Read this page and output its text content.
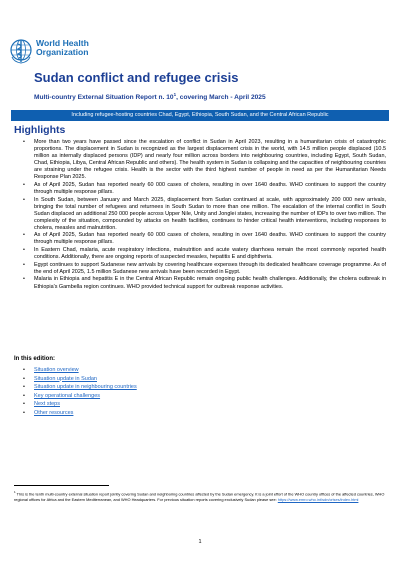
World Health
Organization
Sudan conflict and refugee crisis
Multi-country External Situation Report n. $10^1$, covering March - April 2025
Including refugee-hosting countries Chad, Egypt, Ethiopia, South Sudan, and the Central African Republic
Highlights
• More than two years have passed since the escalation of conflict in Sudan in April 2023, resulting in a humanitarian crisis of catastrophic proportions. The displacement in Sudan is recognized as the largest displacement crisis in the world, with 14.5 million people displaced (10.5 million as internally displaced persons (IDP) and nearly four million across borders into neighbouring countries, including Egypt, South Sudan, Chad, Ethiopia, Libya, Central African Republic and others). The health system in Sudan is collapsing and the capacities of neighbouring countries are straining under the refugee crisis. Health is the sector with the third highest number of people in need as per the Humanitarian Needs Response Plan 2025.
• As of April 2025, Sudan has reported nearly 60 000 cases of cholera, resulting in over 1640 deaths. WHO continues to support the country through multiple response pillars.
• In South Sudan, between January and March 2025, displacement from Sudan continued at scale, with approximately 200 000 new arrivals, bringing the total number of refugees and returnees in South Sudan to more than one million. The escalation of the internal conflict in South Sudan displaced an additional 250 000 people across Upper Nile, Unity and Jonglei states, increasing the number of IDPs to over two million. The complexity of the situation, compounded by attacks on health facilities, continues to hinder critical health interventions, including responses to cholera, measles and malnutrition.
• As of April 2025, Sudan has reported nearly 60 000 cases of cholera, resulting in over 1640 deaths. WHO continues to support the country through multiple response pillars.
• In Eastern Chad, malaria, acute respiratory infections, malnutrition and acute watery diarrhoea remain the most commonly reported health conditions. Additionally, there are ongoing reports of suspected measles, hepatitis E and diphtheria.
• Egypt continues to support Sudanese new arrivals by covering healthcare expenses through its dedicated healthcare coverage programme. As of the end of April 2025, 1.5 million Sudanese new arrivals have been recorded in Egypt.
• Malaria in Ethiopia and hepatitis E in the Central African Republic remain ongoing public health challenges. Additionally, the cholera outbreak in Ethiopia's Gambella region continues. WHO provided technical support for outbreak response activities.
In this edition:
• Situation overview
• Situation update in Sudan
• Situation update in neighbouring countries
• Key operational challenges
• Next steps
• Other resources
$^1$ This is the tenth multi-country external situation report jointly covering Sudan and neighboring countries affected by the Sudan emergency. It is a joint effort of the WHO country offices of the affected countries, WHO regional offices for Africa and the Eastern Mediterranean, and WHO Headquarters. For previous situation reports covering exclusively Sudan please see: https://www.emro.who.int/sdn/crises/index.html
1
